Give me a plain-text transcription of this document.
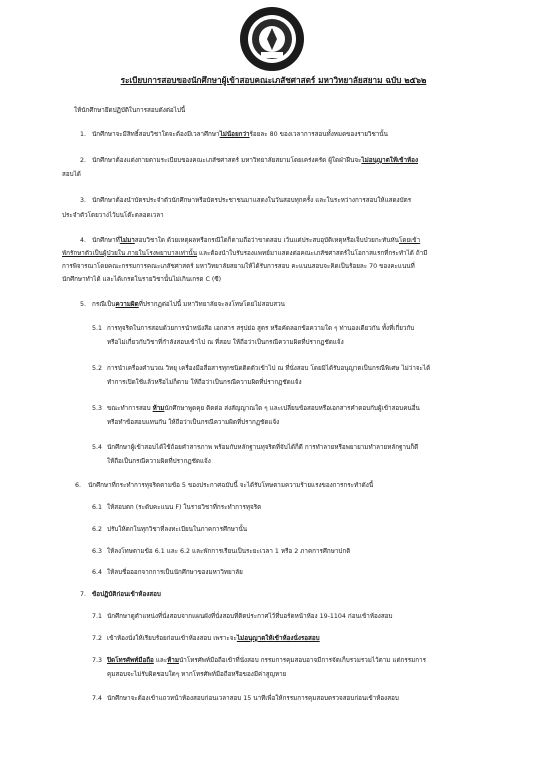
ระเบียบการสอบของนักศึกษาผู้เข้าสอบคณะเภสัชศาสตร์ มหาวิทยาลัยสยาม ฉบับ ๒๕๖๒
ให้นักศึกษายึดปฏิบัติในการสอบดังต่อไปนี้
1. นักศึกษาจะมีสิทธิ์สอบวิชาใดจะต้องมีเวลาศึกษาไม่น้อยกว่าร้อยละ 80 ของเวลาการสอนทั้งหมดของรายวิชานั้น
2. นักศึกษาต้องแต่งกายตามระเบียบของคณะเภสัชศาสตร์ มหาวิทยาลัยสยามโดยเคร่งครัด ผู้ใดฝ่าฝืนจะไม่อนุญาตให้เข้าห้อง
สอบได้
3. นักศึกษาต้องนำบัตรประจำตัวนักศึกษาหรือบัตรประชาชนมาแสดงในวันสอบทุกครั้ง และในระหว่างการสอบให้แสดงบัตร
ประจำตัวโดยวางไว้บนโต๊ะตลอดเวลา
4. นักศึกษาที่ไม่มาสอบวิชาใด ด้วยเหตุผลหรือกรณีใดก็ตามถือว่าขาดสอบ เว้นแต่ประสบอุบัติเหตุหรือเจ็บป่วยกะทันหันโดยเข้า
พักรักษาตัวเป็นผู้ป่วยใน ภายในโรงพยาบาลเท่านั้น และต้องนำใบรับรองแพทย์มาแสดงต่อคณะเภสัชศาสตร์ในโอกาสแรกที่กระทำได้ ถ้ามี
การพิจารณาโดยคณะกรรมการคณะเภสัชศาสตร์ มหาวิทยาลัยสยามให้ได้รับการสอบ คะแนนสอบจะคิดเป็นร้อยละ 70 ของคะแนนที่
นักศึกษาทำได้ และได้เกรดในรายวิชานั้นไม่เกินเกรด C (ซี)
5. กรณีเป็นความผิดที่ปรากฏต่อไปนี้ มหาวิทยาลัยจะลงโทษโดยไม่สอบสวน
5.1 การทุจริตในการสอบด้วยการนำหนังสือ เอกสาร สรุปย่อ สูตร หรือคัดลอกข้อความใด ๆ ท่านองเดียวกัน ทั้งที่เกี่ยวกับ
หรือไม่เกี่ยวกับวิชาที่กำลังสอบเข้าไป ณ ที่สอบ ให้ถือว่าเป็นกรณีความผิดที่ปรากฏชัดแจ้ง
5.2 การนำเครื่องคำนวณ วิทยุ เครื่องมือสื่อสารทุกชนิดติดตัวเข้าไป ณ ที่นั่งสอบ โดยมิได้รับอนุญาตเป็นกรณีพิเศษ ไม่ว่าจะได้
ทำการเปิดใช้แล้วหรือไม่ก็ตาม ให้ถือว่าเป็นกรณีความผิดที่ปรากฏชัดแจ้ง
5.3 ขณะทำการสอบ ห้ามนักศึกษาพูดคุย ติดต่อ ส่งสัญญาณใด ๆ และเปลี่ยนข้อสอบหรือเอกสารคำตอบกับผู้เข้าสอบคนอื่น
หรือทำข้อสอบแทนกัน ให้ถือว่าเป็นกรณีความผิดที่ปรากฏชัดแจ้ง
5.4 นักศึกษาผู้เข้าสอบได้ใช้ถ้อยคำสารภาพ พร้อมกับหลักฐานทุจริตที่จับได้ก็ดี การทำลายหรือพยายามทำลายหลักฐานก็ดี
ให้ถือเป็นกรณีความผิดที่ปรากฏชัดแจ้ง
6. นักศึกษาที่กระทำการทุจริตตามข้อ 5 ของประกาศฉบับนี้ จะได้รับโทษตามความร้ายแรงของการกระทำดังนี้
6.1 ให้สอบตก (ระดับคะแนน F) ในรายวิชาที่กระทำการทุจริต
6.2 ปรับให้ตกในทุกวิชาที่ลงทะเบียนในภาคการศึกษานั้น
6.3 ให้ลงโทษตามข้อ 6.1 และ 6.2 และพักการเรียนเป็นระยะเวลา 1 หรือ 2 ภาคการศึกษาปกติ
6.4 ให้ลบชื่อออกจากการเป็นนักศึกษาของมหาวิทยาลัย
7. ข้อปฏิบัติก่อนเข้าห้องสอบ
7.1 นักศึกษาดูตำแหน่งที่นั่งสอบจากแผนผังที่นั่งสอบที่ติดประกาศไว้ที่บอร์ดหน้าห้อง 19-1104 ก่อนเข้าห้องสอบ
7.2 เข้าห้องนั่งให้เรียบร้อยก่อนเข้าห้องสอบ เพราะจะไม่อนุญาตให้เข้าห้องนั่งรอสอบ
7.3 ปิดโทรศัพท์มือถือ และห้ามนำโทรศัพท์มือถือเข้าที่นั่งสอบ กรรมการคุมสอบอาจมีการจัดเก็บรวมรวมไว้ตาม แต่กรรมการ
คุมสอบจะไม่รับผิดชอบใดๆ หากโทรศัพท์มือถือหรือของมีค่าสูญหาย
7.4 นักศึกษาจะต้องเข้าแถวหน้าห้องสอบก่อนเวลาสอบ 15 นาทีเพื่อให้กรรมการคุมสอบตรวจสอบก่อนเข้าห้องสอบ
